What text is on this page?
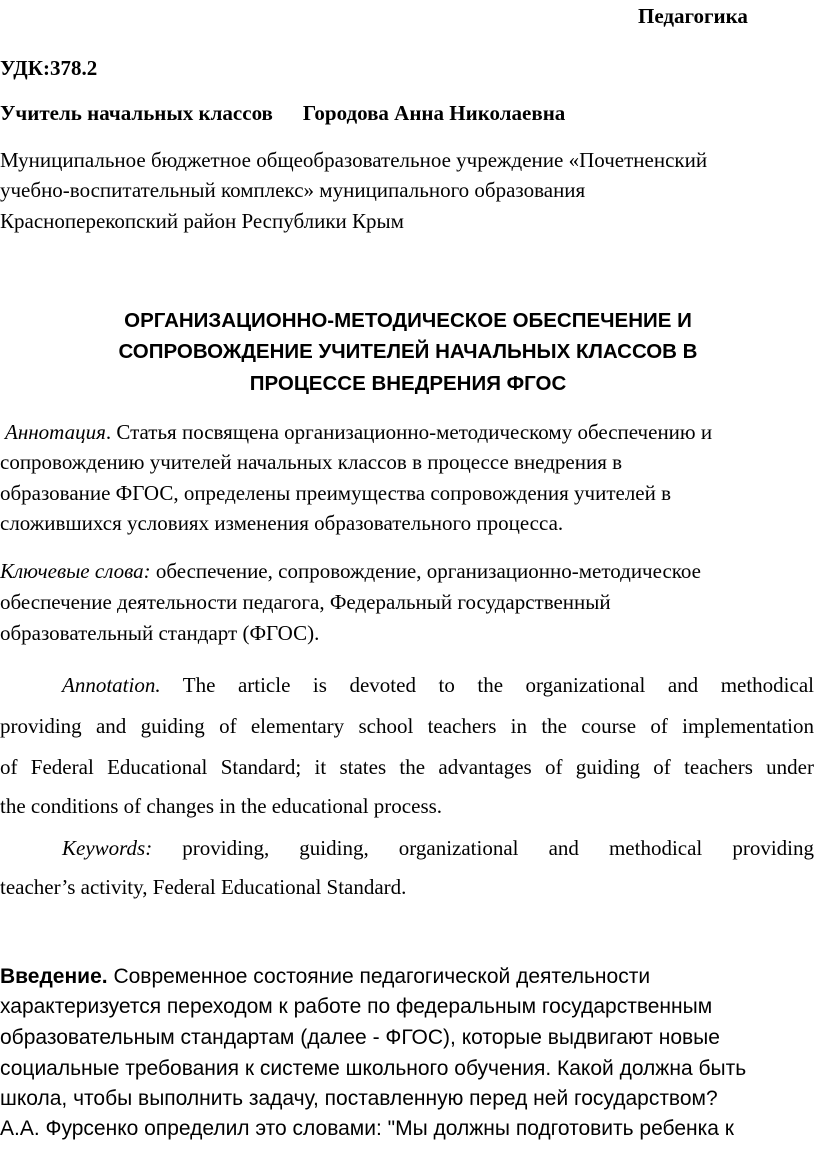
Педагогика
УДК:378.2
Учитель начальных классов Городова Анна Николаевна
Муниципальное бюджетное общеобразовательное учреждение «Почетненский
учебно-воспитательный комплекс» муниципального образования
Красноперекопский район Республики Крым
ОРГАНИЗАЦИОННО-МЕТОДИЧЕСКОЕ ОБЕСПЕЧЕНИЕ И
СОПРОВОЖДЕНИЕ УЧИТЕЛЕЙ НАЧАЛЬНЫХ КЛАССОВ В
ПРОЦЕССЕ ВНЕДРЕНИЯ ФГОС
Аннотация. Статья посвящена организационно-методическому обеспечению и
сопровождению учителей начальных классов в процессе внедрения в
образование ФГОС, определены преимущества сопровождения учителей в
сложившихся условиях изменения образовательного процесса.
Ключевые слова: обеспечение, сопровождение, организационно-методическое
обеспечение деятельности педагога, Федеральный государственный
образовательный стандарт (ФГОС).
Annotation. The article is devoted to the organizational and methodical
providing and guiding of elementary school teachers in the course of implementation
of Federal Educational Standard; it states the advantages of guiding of teachers under
the conditions of changes in the educational process.
Keywords: providing, guiding, organizational and methodical providing
teacher’s activity, Federal Educational Standard.
Введение. Современное состояние педагогической деятельности
характеризуется переходом к работе по федеральным государственным
образовательным стандартам (далее - ФГОС), которые выдвигают новые
социальные требования к системе школьного обучения. Какой должна быть
школа, чтобы выполнить задачу, поставленную перед ней государством?
А.А. Фурсенко определил это словами: "Мы должны подготовить ребенка к
